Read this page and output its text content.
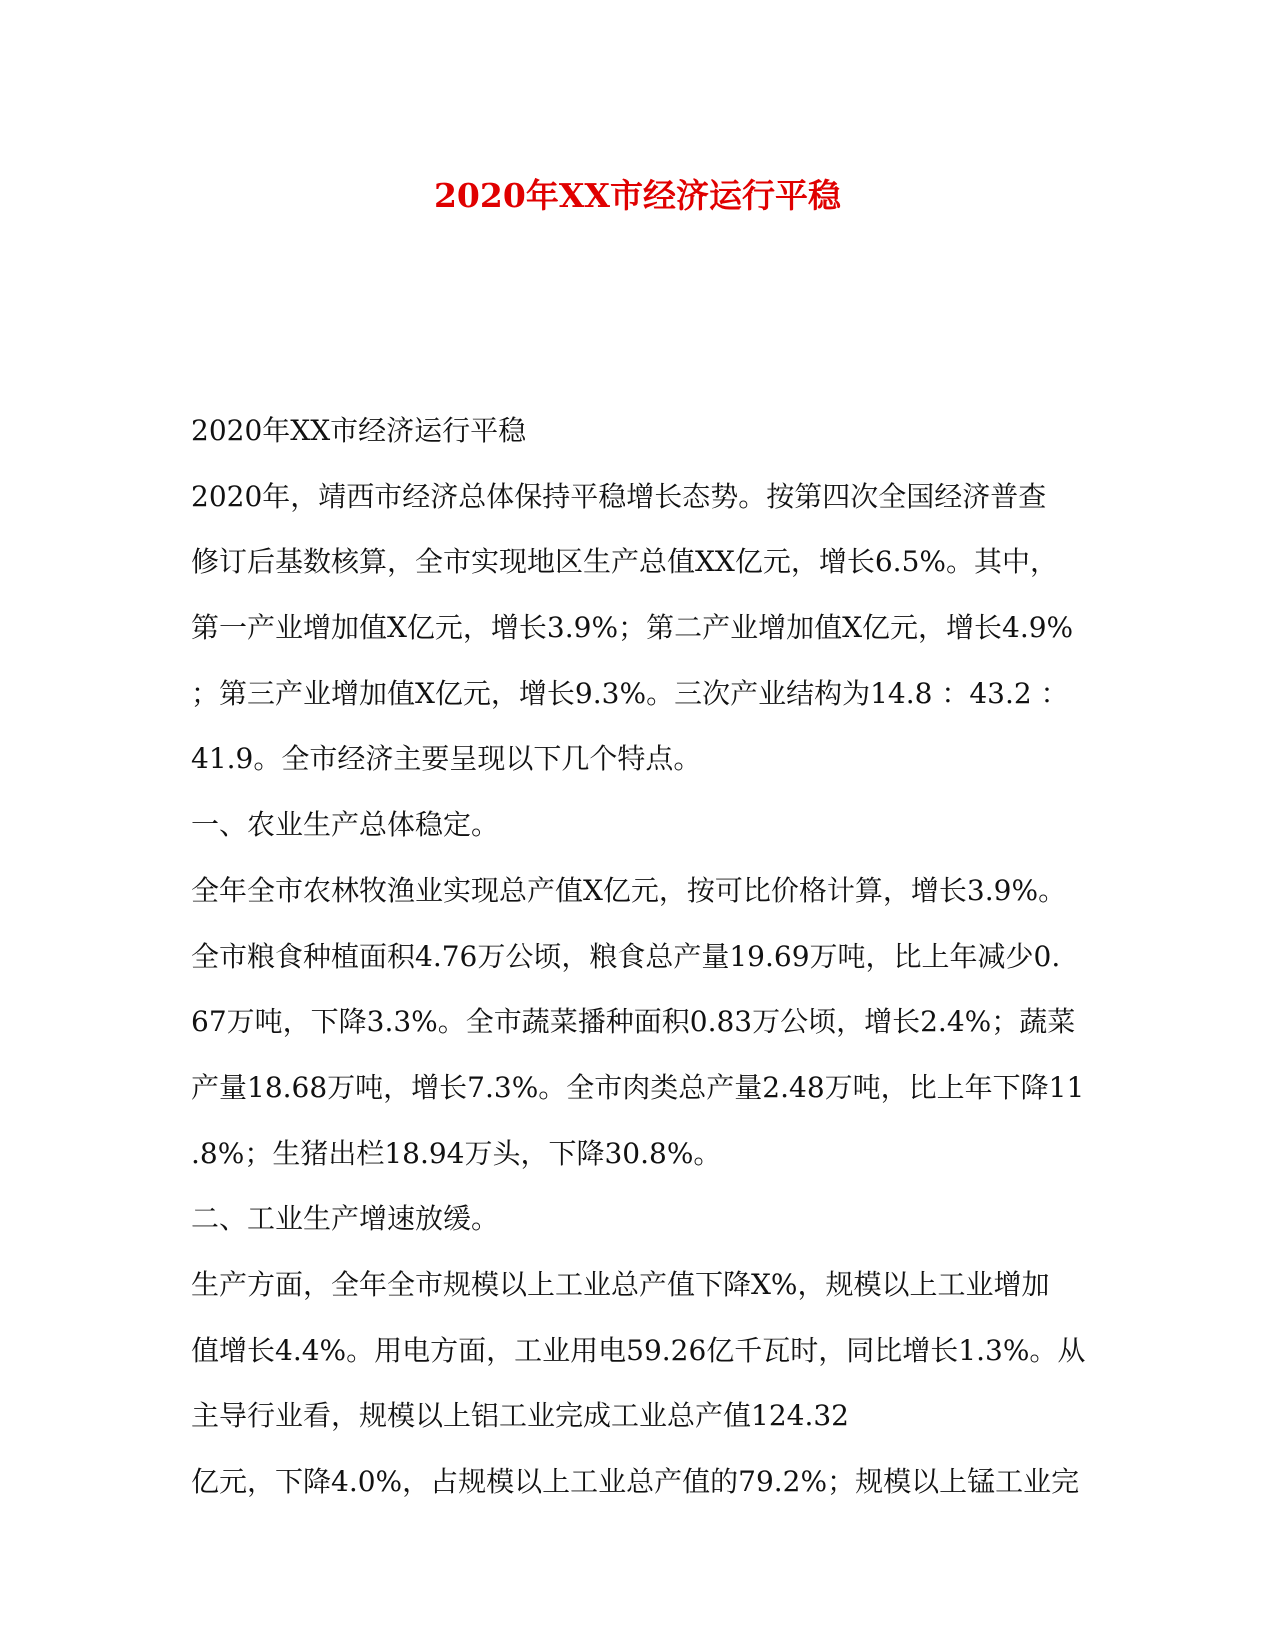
2020年XX市经济运行平稳
2020年XX市经济运行平稳
2020年，靖西市经济总体保持平稳增长态势。按第四次全国经济普查
修订后基数核算，全市实现地区生产总值XX亿元，增长6.5%。其中，
第一产业增加值X亿元，增长3.9%；第二产业增加值X亿元，增长4.9%
；第三产业增加值X亿元，增长9.3%。三次产业结构为14.8 ：43.2 ：
41.9。全市经济主要呈现以下几个特点。
一、农业生产总体稳定。
全年全市农林牧渔业实现总产值X亿元，按可比价格计算，增长3.9%。
全市粮食种植面积4.76万公顷，粮食总产量19.69万吨，比上年减少0.
67万吨，下降3.3%。全市蔬菜播种面积0.83万公顷，增长2.4%；蔬菜
产量18.68万吨，增长7.3%。全市肉类总产量2.48万吨，比上年下降11
.8%；生猪出栏18.94万头，下降30.8%。
二、工业生产增速放缓。
生产方面，全年全市规模以上工业总产值下降X%，规模以上工业增加
值增长4.4%。用电方面，工业用电59.26亿千瓦时，同比增长1.3%。从
主导行业看，规模以上铝工业完成工业总产值124.32
亿元，下降4.0%，占规模以上工业总产值的79.2%；规模以上锰工业完
